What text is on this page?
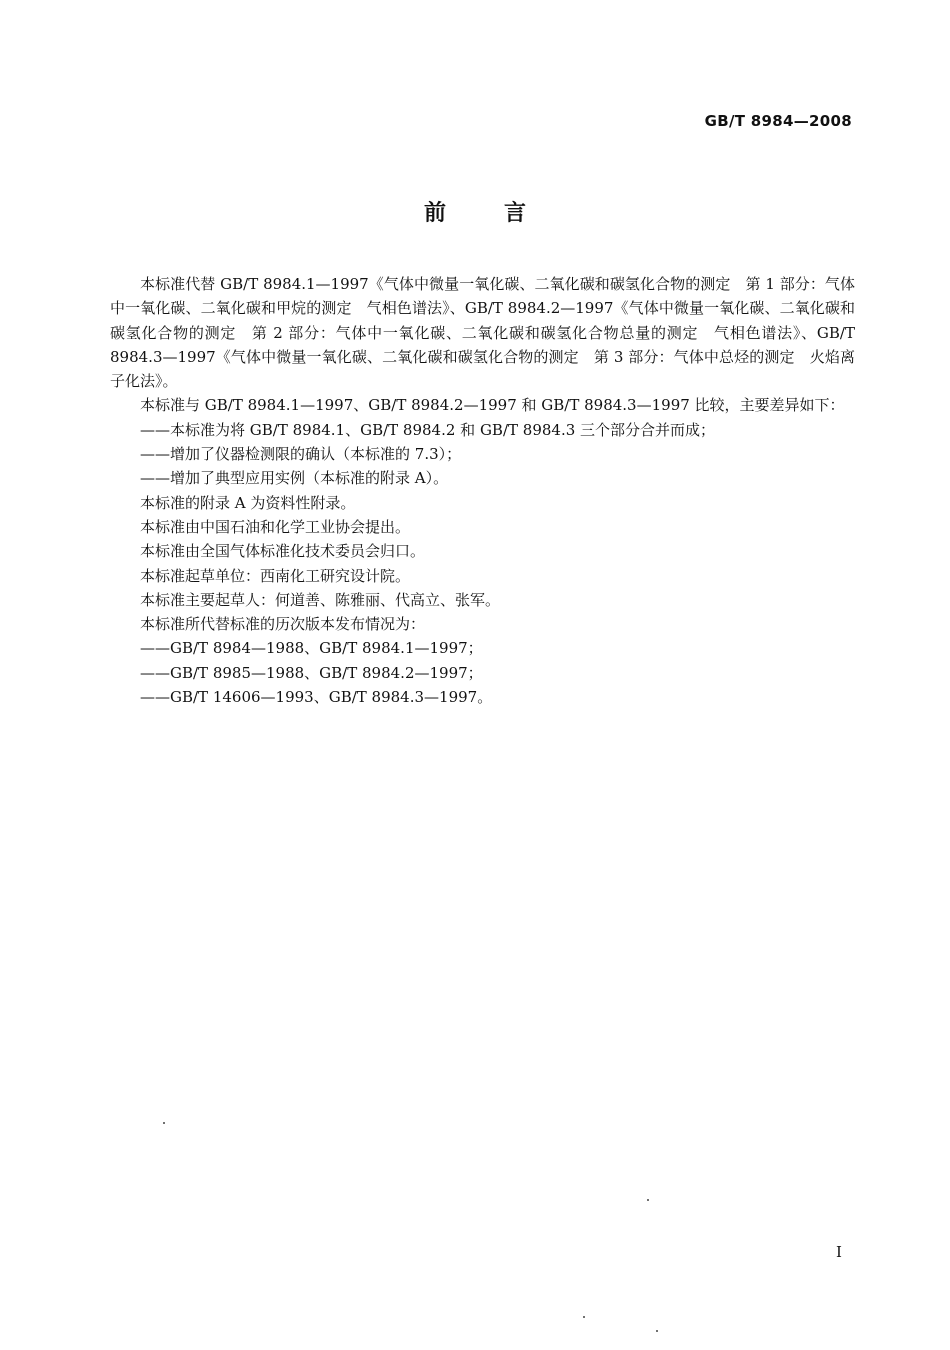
GB/T 8984—2008
前言

本标准代替 GB/T 8984.1—1997《气体中微量一氧化碳、二氧化碳和碳氢化合物的测定　第 1 部分：气体中一氧化碳、二氧化碳和甲烷的测定　气相色谱法》、GB/T 8984.2—1997《气体中微量一氧化碳、二氧化碳和碳氢化合物的测定　第 2 部分：气体中一氧化碳、二氧化碳和碳氢化合物总量的测定　气相色谱法》、GB/T 8984.3—1997《气体中微量一氧化碳、二氧化碳和碳氢化合物的测定　第 3 部分：气体中总烃的测定　火焰离子化法》。

本标准与 GB/T 8984.1—1997、GB/T 8984.2—1997 和 GB/T 8984.3—1997 比较，主要差异如下：

——本标准为将 GB/T 8984.1、GB/T 8984.2 和 GB/T 8984.3 三个部分合并而成；

——增加了仪器检测限的确认（本标准的 7.3）；

——增加了典型应用实例（本标准的附录 A）。

本标准的附录 A 为资料性附录。

本标准由中国石油和化学工业协会提出。

本标准由全国气体标准化技术委员会归口。

本标准起草单位：西南化工研究设计院。

本标准主要起草人：何道善、陈雅丽、代高立、张军。

本标准所代替标准的历次版本发布情况为：

——GB/T 8984—1988、GB/T 8984.1—1997；

——GB/T 8985—1988、GB/T 8984.2—1997；

——GB/T 14606—1993、GB/T 8984.3—1997。

I
